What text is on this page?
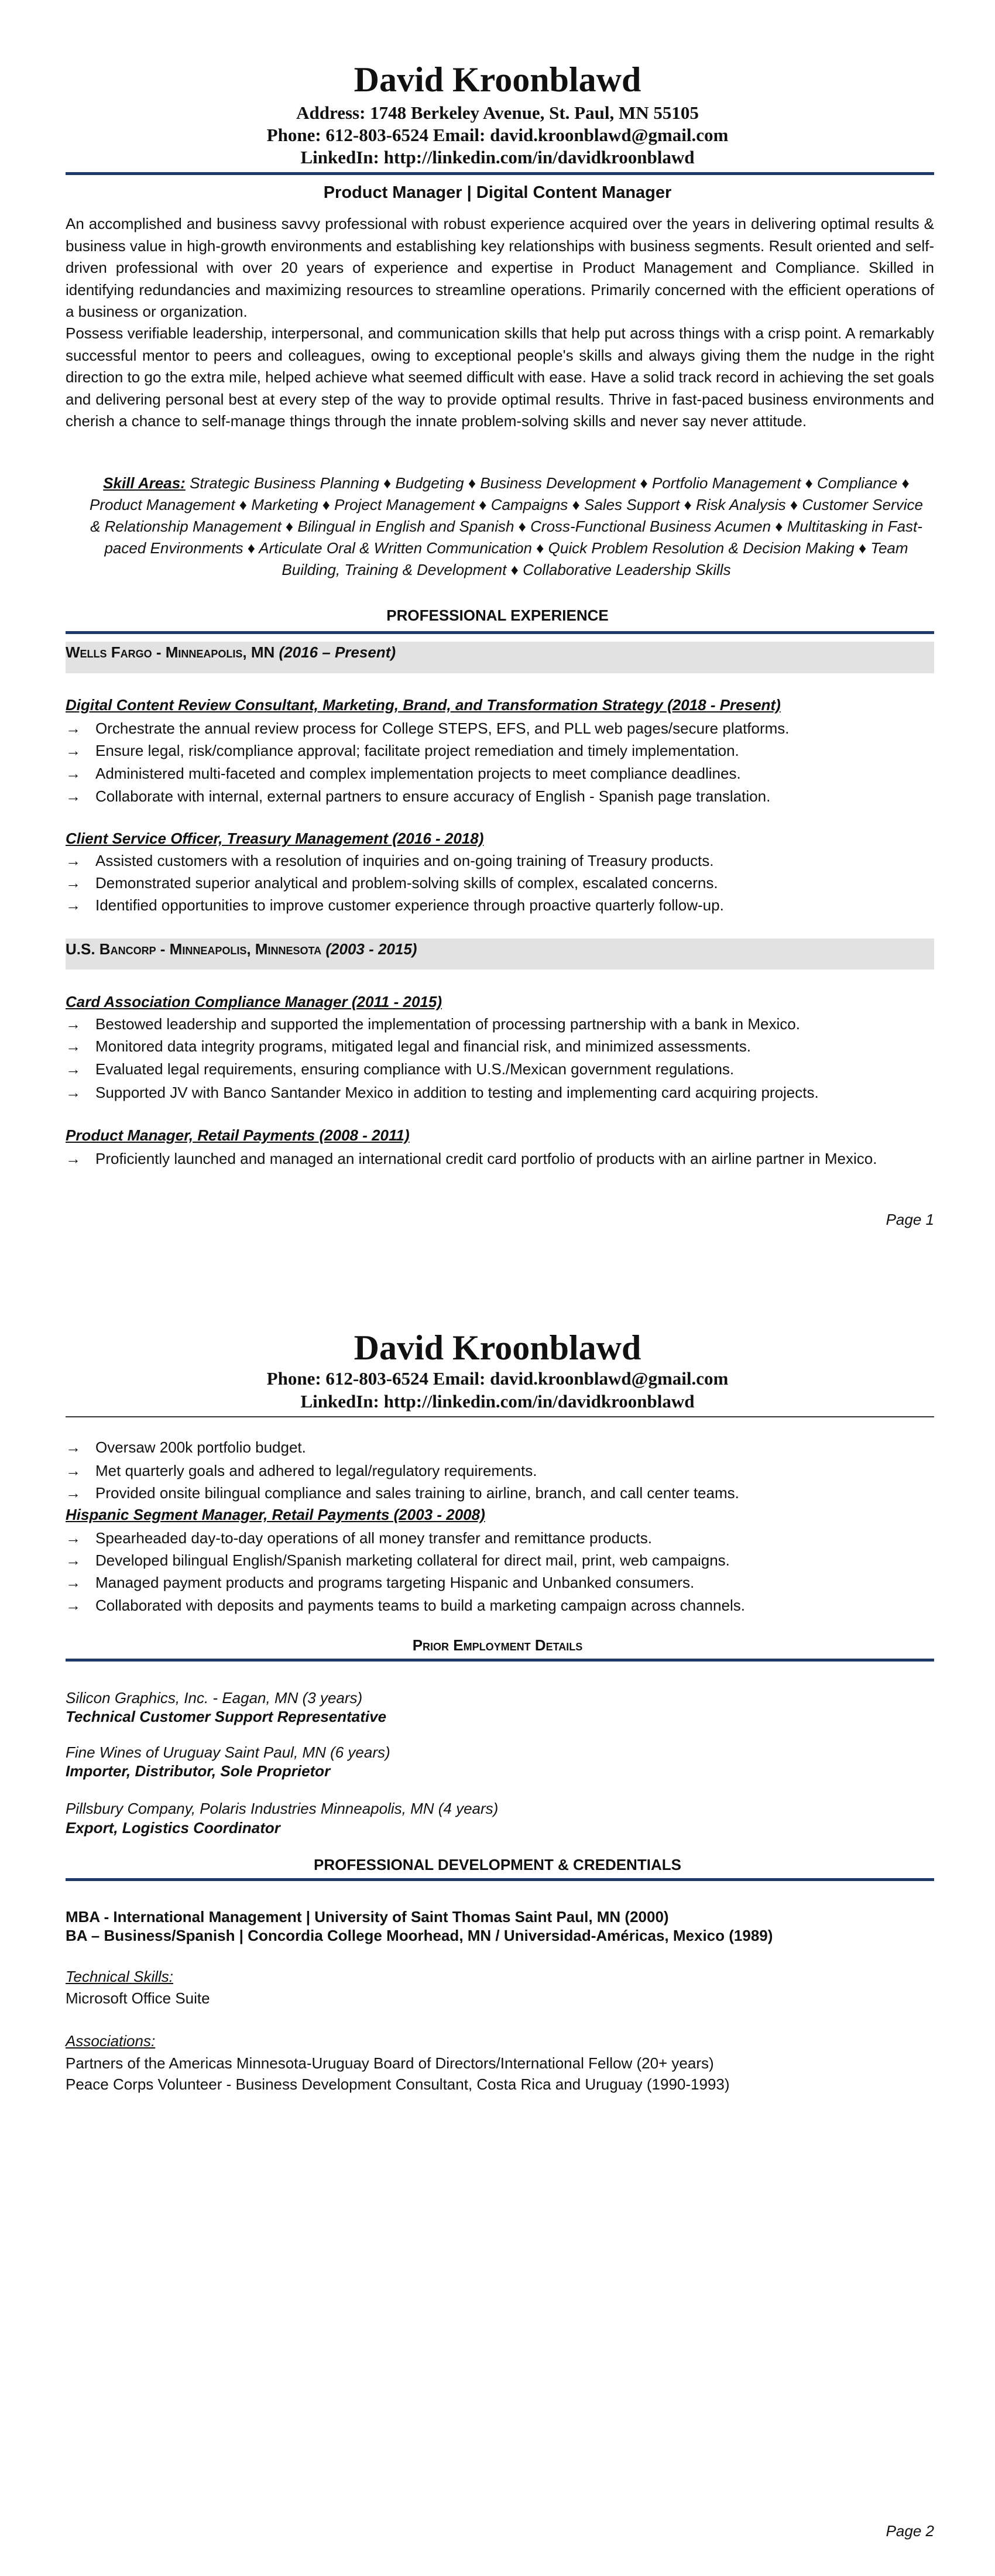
David Kroonblawd
Address: 1748 Berkeley Avenue, St. Paul, MN 55105
Phone: 612-803-6524 Email: david.kroonblawd@gmail.com
LinkedIn: http://linkedin.com/in/davidkroonblawd
Product Manager | Digital Content Manager
An accomplished and business savvy professional with robust experience acquired over the years in delivering optimal results & business value in high-growth environments and establishing key relationships with business segments. Result oriented and self-driven professional with over 20 years of experience and expertise in Product Management and Compliance. Skilled in identifying redundancies and maximizing resources to streamline operations. Primarily concerned with the efficient operations of a business or organization.
Possess verifiable leadership, interpersonal, and communication skills that help put across things with a crisp point. A remarkably successful mentor to peers and colleagues, owing to exceptional people's skills and always giving them the nudge in the right direction to go the extra mile, helped achieve what seemed difficult with ease. Have a solid track record in achieving the set goals and delivering personal best at every step of the way to provide optimal results. Thrive in fast-paced business environments and cherish a chance to self-manage things through the innate problem-solving skills and never say never attitude.
Skill Areas: Strategic Business Planning ♦ Budgeting ♦ Business Development ♦ Portfolio Management ♦ Compliance ♦ Product Management ♦ Marketing ♦ Project Management ♦ Campaigns ♦ Sales Support ♦ Risk Analysis ♦ Customer Service & Relationship Management ♦ Bilingual in English and Spanish ♦ Cross-Functional Business Acumen ♦ Multitasking in Fast-paced Environments ♦ Articulate Oral & Written Communication ♦ Quick Problem Resolution & Decision Making ♦ Team Building, Training & Development ♦ Collaborative Leadership Skills
PROFESSIONAL EXPERIENCE
Wells Fargo - Minneapolis, MN (2016 – Present)
Digital Content Review Consultant, Marketing, Brand, and Transformation Strategy (2018 - Present)
→ Orchestrate the annual review process for College STEPS, EFS, and PLL web pages/secure platforms.
→ Ensure legal, risk/compliance approval; facilitate project remediation and timely implementation.
→ Administered multi-faceted and complex implementation projects to meet compliance deadlines.
→ Collaborate with internal, external partners to ensure accuracy of English - Spanish page translation.
Client Service Officer, Treasury Management (2016 - 2018)
→ Assisted customers with a resolution of inquiries and on-going training of Treasury products.
→ Demonstrated superior analytical and problem-solving skills of complex, escalated concerns.
→ Identified opportunities to improve customer experience through proactive quarterly follow-up.
U.S. Bancorp - Minneapolis, Minnesota (2003 - 2015)
Card Association Compliance Manager (2011 - 2015)
→ Bestowed leadership and supported the implementation of processing partnership with a bank in Mexico.
→ Monitored data integrity programs, mitigated legal and financial risk, and minimized assessments.
→ Evaluated legal requirements, ensuring compliance with U.S./Mexican government regulations.
→ Supported JV with Banco Santander Mexico in addition to testing and implementing card acquiring projects.
Product Manager, Retail Payments (2008 - 2011)
→ Proficiently launched and managed an international credit card portfolio of products with an airline partner in Mexico.
Page 1
David Kroonblawd
Phone: 612-803-6524 Email: david.kroonblawd@gmail.com
LinkedIn: http://linkedin.com/in/davidkroonblawd
→ Oversaw 200k portfolio budget.
→ Met quarterly goals and adhered to legal/regulatory requirements.
→ Provided onsite bilingual compliance and sales training to airline, branch, and call center teams.
Hispanic Segment Manager, Retail Payments (2003 - 2008)
→ Spearheaded day-to-day operations of all money transfer and remittance products.
→ Developed bilingual English/Spanish marketing collateral for direct mail, print, web campaigns.
→ Managed payment products and programs targeting Hispanic and Unbanked consumers.
→ Collaborated with deposits and payments teams to build a marketing campaign across channels.
Prior Employment Details
Silicon Graphics, Inc. - Eagan, MN (3 years)
Technical Customer Support Representative
Fine Wines of Uruguay Saint Paul, MN (6 years)
Importer, Distributor, Sole Proprietor
Pillsbury Company, Polaris Industries Minneapolis, MN (4 years)
Export, Logistics Coordinator
PROFESSIONAL DEVELOPMENT & CREDENTIALS
MBA - International Management | University of Saint Thomas Saint Paul, MN (2000)
BA – Business/Spanish | Concordia College Moorhead, MN / Universidad-Américas, Mexico (1989)
Technical Skills:
Microsoft Office Suite
Associations:
Partners of the Americas Minnesota-Uruguay Board of Directors/International Fellow (20+ years)
Peace Corps Volunteer - Business Development Consultant, Costa Rica and Uruguay (1990-1993)
Page 2
